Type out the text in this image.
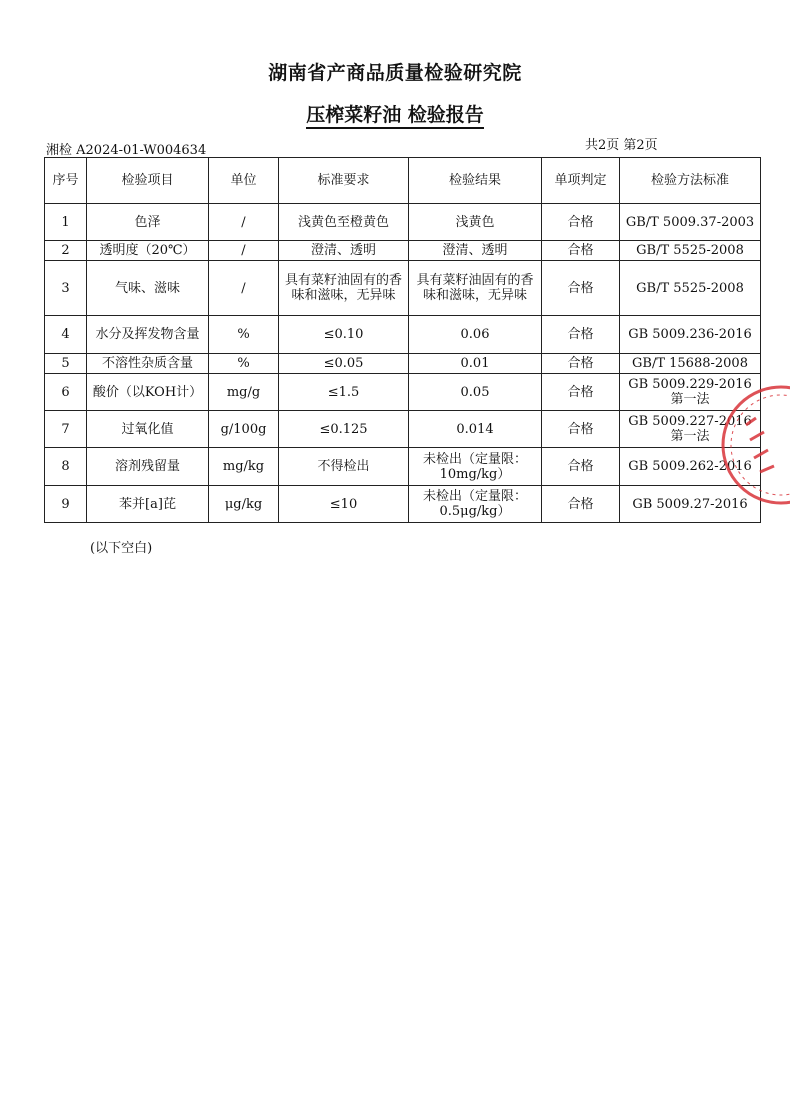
湖南省产商品质量检验研究院
压榨菜籽油 检验报告
湘检 A2024-01-W004634	共2页 第2页
序号	检验项目	单位	标准要求	检验结果	单项判定	检验方法标准
1	色泽	/	浅黄色至橙黄色	浅黄色	合格	GB/T 5009.37-2003
2	透明度（20℃）	/	澄清、透明	澄清、透明	合格	GB/T 5525-2008
3	气味、滋味	/	具有菜籽油固有的香味和滋味，无异味	具有菜籽油固有的香味和滋味，无异味	合格	GB/T 5525-2008
4	水分及挥发物含量	%	≤0.10	0.06	合格	GB 5009.236-2016
5	不溶性杂质含量	%	≤0.05	0.01	合格	GB/T 15688-2008
6	酸价（以KOH计）	mg/g	≤1.5	0.05	合格	GB 5009.229-2016 第一法
7	过氧化值	g/100g	≤0.125	0.014	合格	GB 5009.227-2016 第一法
8	溶剂残留量	mg/kg	不得检出	未检出（定量限：10mg/kg）	合格	GB 5009.262-2016
9	苯并[a]芘	μg/kg	≤10	未检出（定量限：0.5μg/kg）	合格	GB 5009.27-2016
(以下空白)
